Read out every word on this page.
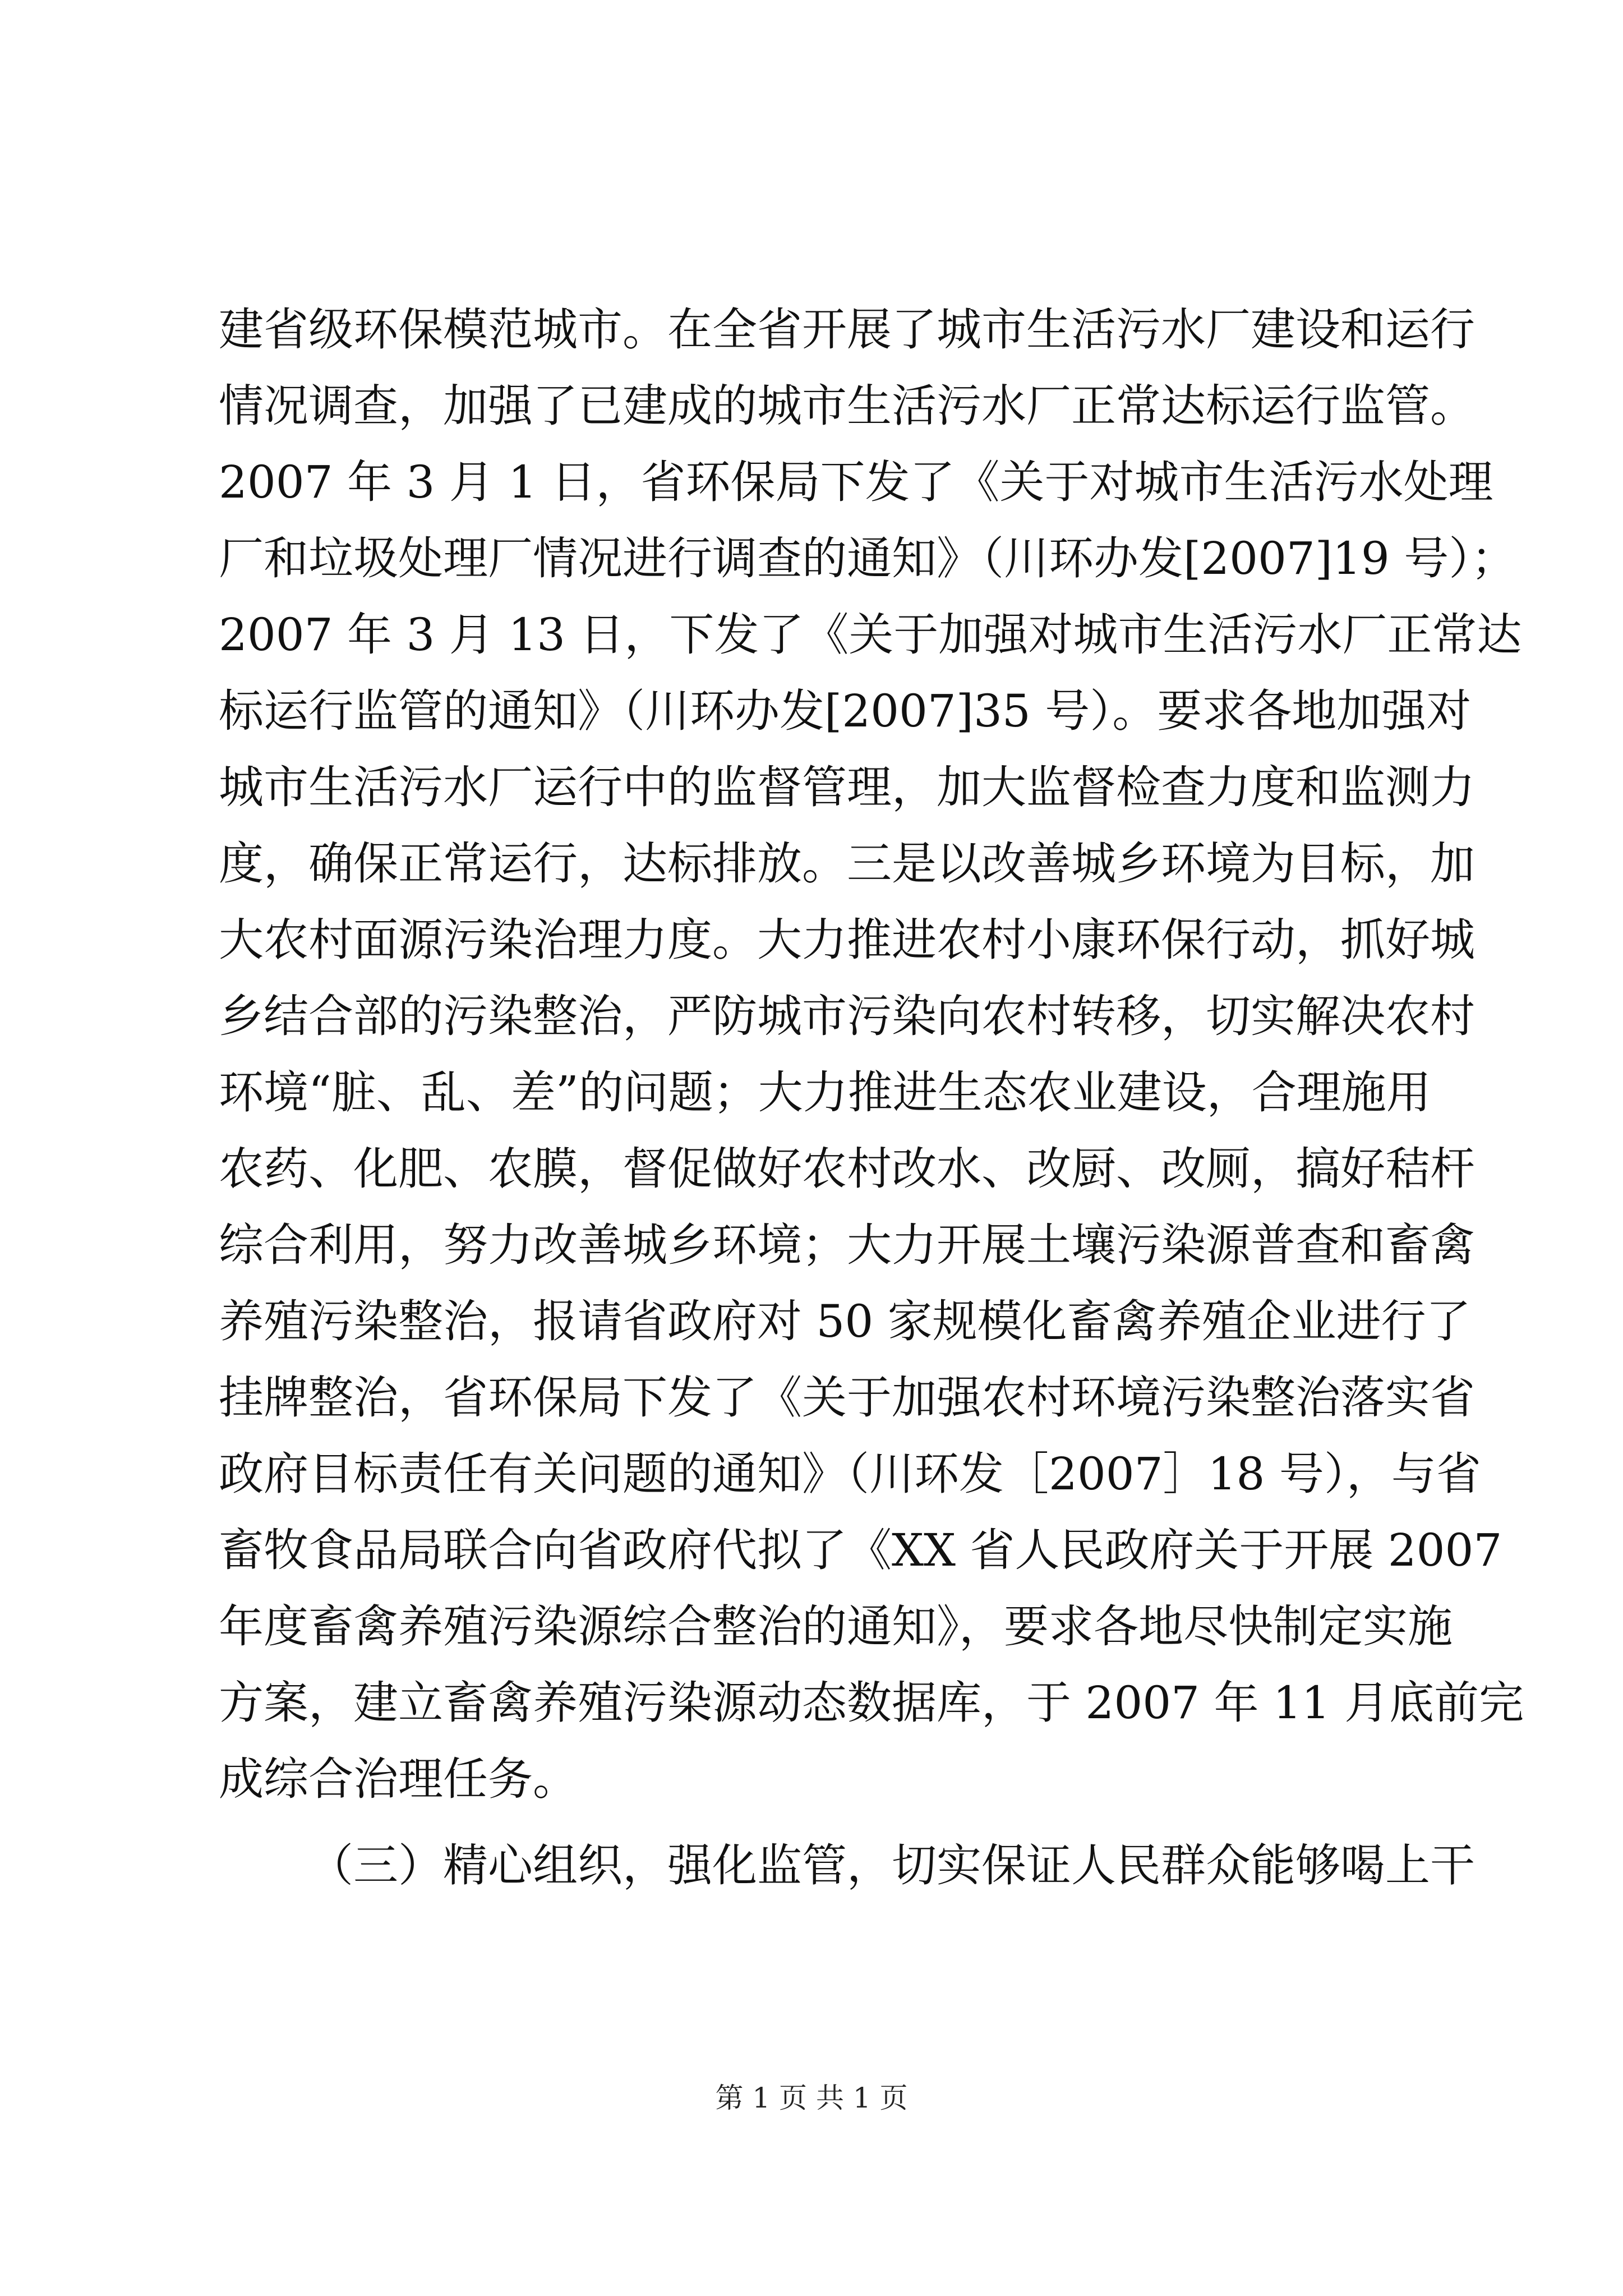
建省级环保模范城市。在全省开展了城市生活污水厂建设和运行
情况调查，加强了已建成的城市生活污水厂正常达标运行监管。
2007 年 3 月 1 日，省环保局下发了《关于对城市生活污水处理
厂和垃圾处理厂情况进行调查的通知》（川环办发[2007]19 号）；
2007 年 3 月 13 日，下发了《关于加强对城市生活污水厂正常达
标运行监管的通知》（川环办发[2007]35 号）。要求各地加强对
城市生活污水厂运行中的监督管理，加大监督检查力度和监测力
度，确保正常运行，达标排放。三是以改善城乡环境为目标，加
大农村面源污染治理力度。大力推进农村小康环保行动，抓好城
乡结合部的污染整治，严防城市污染向农村转移，切实解决农村
环境“脏、乱、差”的问题；大力推进生态农业建设，合理施用
农药、化肥、农膜，督促做好农村改水、改厨、改厕，搞好秸杆
综合利用，努力改善城乡环境；大力开展土壤污染源普查和畜禽
养殖污染整治，报请省政府对 50 家规模化畜禽养殖企业进行了
挂牌整治，省环保局下发了《关于加强农村环境污染整治落实省
政府目标责任有关问题的通知》（川环发［2007］18 号），与省
畜牧食品局联合向省政府代拟了《XX 省人民政府关于开展 2007
年度畜禽养殖污染源综合整治的通知》，要求各地尽快制定实施
方案，建立畜禽养殖污染源动态数据库，于 2007 年 11 月底前完
成综合治理任务。
（三）精心组织，强化监管，切实保证人民群众能够喝上干
第 1 页 共 1 页
